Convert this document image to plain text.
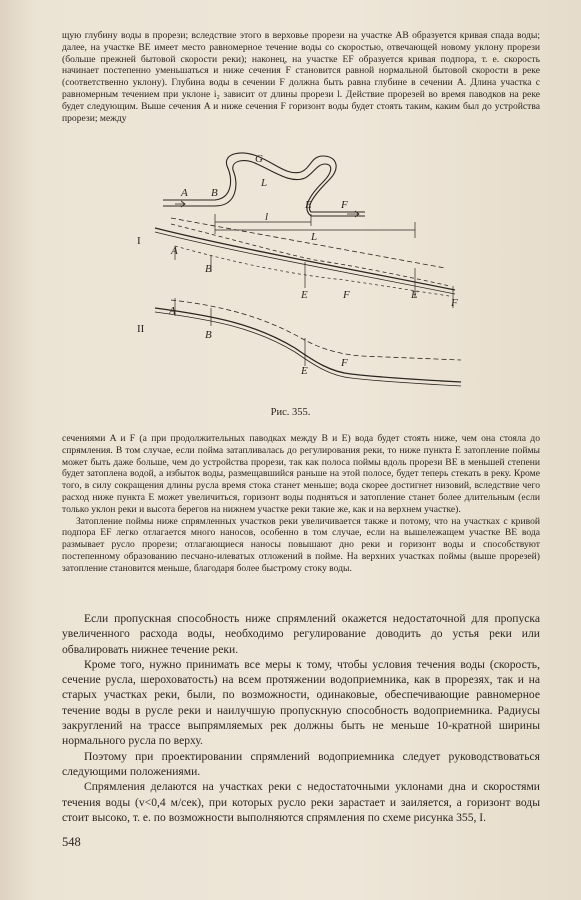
щую глубину воды в прорези; вследствие этого в верховье прорези на участке AB образуется кривая спада воды; далее, на участке BE имеет место равномерное течение воды со скоростью, отвечающей новому уклону прорези (больше прежней бытовой скорости реки); наконец, на участке EF образуется кривая подпора, т. е. скорость начинает постепенно уменьшаться и ниже сечения F становится равной нормальной бытовой скорости в реке (соответственно уклону). Глубина воды в сечении F должна быть равна глубине в сечении A. Длина участка с равномерным течением при уклоне i₂ зависит от длины прорези l. Действие прорезей во время паводков на реке будет следующим. Выше сечения A и ниже сечения F горизонт воды будет стоять таким, каким был до устройства прорези; между

A B
E	F
G
l
L
L
A
B
E	F	E
F
A
B
E
F
I
II
Рис. 355.

сечениями A и F (а при продолжительных паводках между B и E) вода будет стоять ниже, чем она стояла до спрямления. В том случае, если пойма затапливалась до регулирования реки, то ниже пункта E затопление поймы может быть даже больше, чем до устройства прорези, так как полоса поймы вдоль прорези BE в меньшей степени будет затоплена водой, а избыток воды, размещавшийся раньше на этой полосе, будет теперь стекать в реку. Кроме того, в силу сокращения длины русла время стока станет меньше; вода скорее достигнет низовий, вследствие чего расход ниже пункта E может увеличиться, горизонт воды подняться и затопление станет более длительным (если только уклон реки и высота берегов на нижнем участке реки такие же, как и на верхнем участке).

Затопление поймы ниже спрямленных участков реки увеличивается также и потому, что на участках с кривой подпора EF легко отлагается много наносов, особенно в том случае, если на вышележащем участке BE вода размывает русло прорези; отлагающиеся наносы повышают дно реки и горизонт воды и способствуют постепенному образованию песчано-илеватых отложений в пойме. На верхних участках поймы (выше прорезей) затопление становится меньше, благодаря более быстрому стоку воды.

Если пропускная способность ниже спрямлений окажется недостаточной для пропуска увеличенного расхода воды, необходимо регулирование доводить до устья реки или обвалировать нижнее течение реки.

Кроме того, нужно принимать все меры к тому, чтобы условия течения воды (скорость, сечение русла, шероховатость) на всем протяжении водоприемника, как в прорезях, так и на старых участках реки, были, по возможности, одинаковые, обеспечивающие равномерное течение воды в русле реки и наилучшую пропускную способность водоприемника. Радиусы закруглений на трассе выпрямляемых рек должны быть не меньше 10-кратной ширины нормального русла по верху.

Поэтому при проектировании спрямлений водоприемника следует руководствоваться следующими положениями.

Спрямления делаются на участках реки с недостаточными уклонами дна и скоростями течения воды (v<0,4 м/сек), при которых русло реки зарастает и заиляется, а горизонт воды стоит высоко, т. е. по возможности выполняются спрямления по схеме рисунка 355, I.

548
